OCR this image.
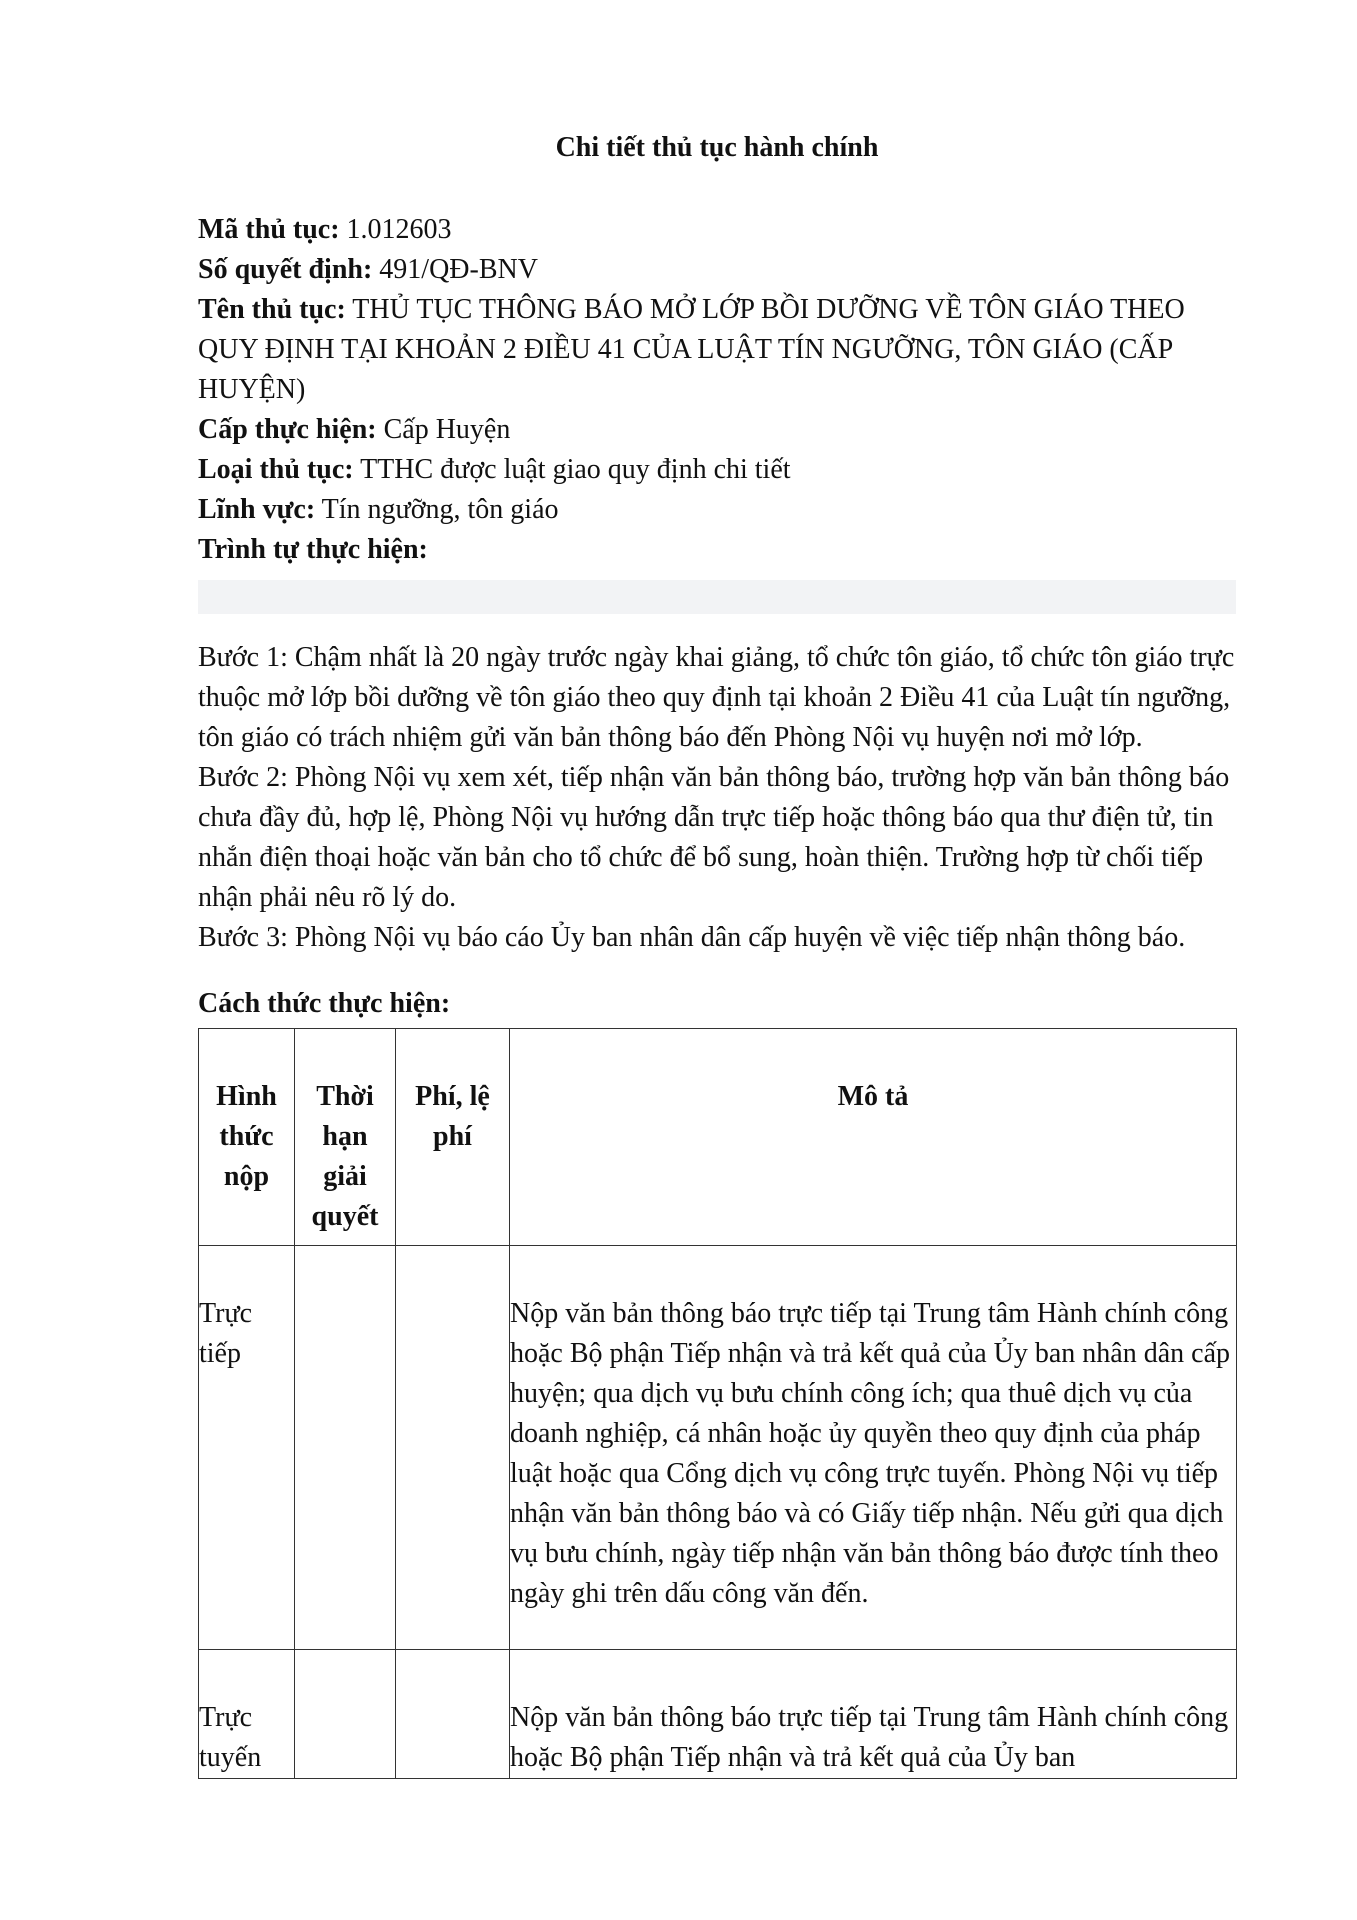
Chi tiết thủ tục hành chính

Mã thủ tục: 1.012603

Số quyết định: 491/QĐ-BNV

Tên thủ tục: THỦ TỤC THÔNG BÁO MỞ LỚP BỒI DƯỠNG VỀ TÔN GIÁO THEO QUY ĐỊNH TẠI KHOẢN 2 ĐIỀU 41 CỦA LUẬT TÍN NGƯỠNG, TÔN GIÁO (CẤP HUYỆN)

Cấp thực hiện: Cấp Huyện

Loại thủ tục: TTHC được luật giao quy định chi tiết

Lĩnh vực: Tín ngưỡng, tôn giáo

Trình tự thực hiện:

Bước 1: Chậm nhất là 20 ngày trước ngày khai giảng, tổ chức tôn giáo, tổ chức tôn giáo trực thuộc mở lớp bồi dưỡng về tôn giáo theo quy định tại khoản 2 Điều 41 của Luật tín ngưỡng, tôn giáo có trách nhiệm gửi văn bản thông báo đến Phòng Nội vụ huyện nơi mở lớp.

Bước 2: Phòng Nội vụ xem xét, tiếp nhận văn bản thông báo, trường hợp văn bản thông báo chưa đầy đủ, hợp lệ, Phòng Nội vụ hướng dẫn trực tiếp hoặc thông báo qua thư điện tử, tin nhắn điện thoại hoặc văn bản cho tổ chức để bổ sung, hoàn thiện. Trường hợp từ chối tiếp nhận phải nêu rõ lý do.

Bước 3: Phòng Nội vụ báo cáo Ủy ban nhân dân cấp huyện về việc tiếp nhận thông báo.

Cách thức thực hiện:
Hình thức nộp	Thời hạn giải quyết	Phí, lệ phí	Mô tả

Trực tiếp			Nộp văn bản thông báo trực tiếp tại Trung tâm Hành chính công hoặc Bộ phận Tiếp nhận và trả kết quả của Ủy ban nhân dân cấp huyện; qua dịch vụ bưu chính công ích; qua thuê dịch vụ của doanh nghiệp, cá nhân hoặc ủy quyền theo quy định của pháp luật hoặc qua Cổng dịch vụ công trực tuyến. Phòng Nội vụ tiếp nhận văn bản thông báo và có Giấy tiếp nhận. Nếu gửi qua dịch vụ bưu chính, ngày tiếp nhận văn bản thông báo được tính theo ngày ghi trên dấu công văn đến.

Trực tuyến			Nộp văn bản thông báo trực tiếp tại Trung tâm Hành chính công hoặc Bộ phận Tiếp nhận và trả kết quả của Ủy ban
